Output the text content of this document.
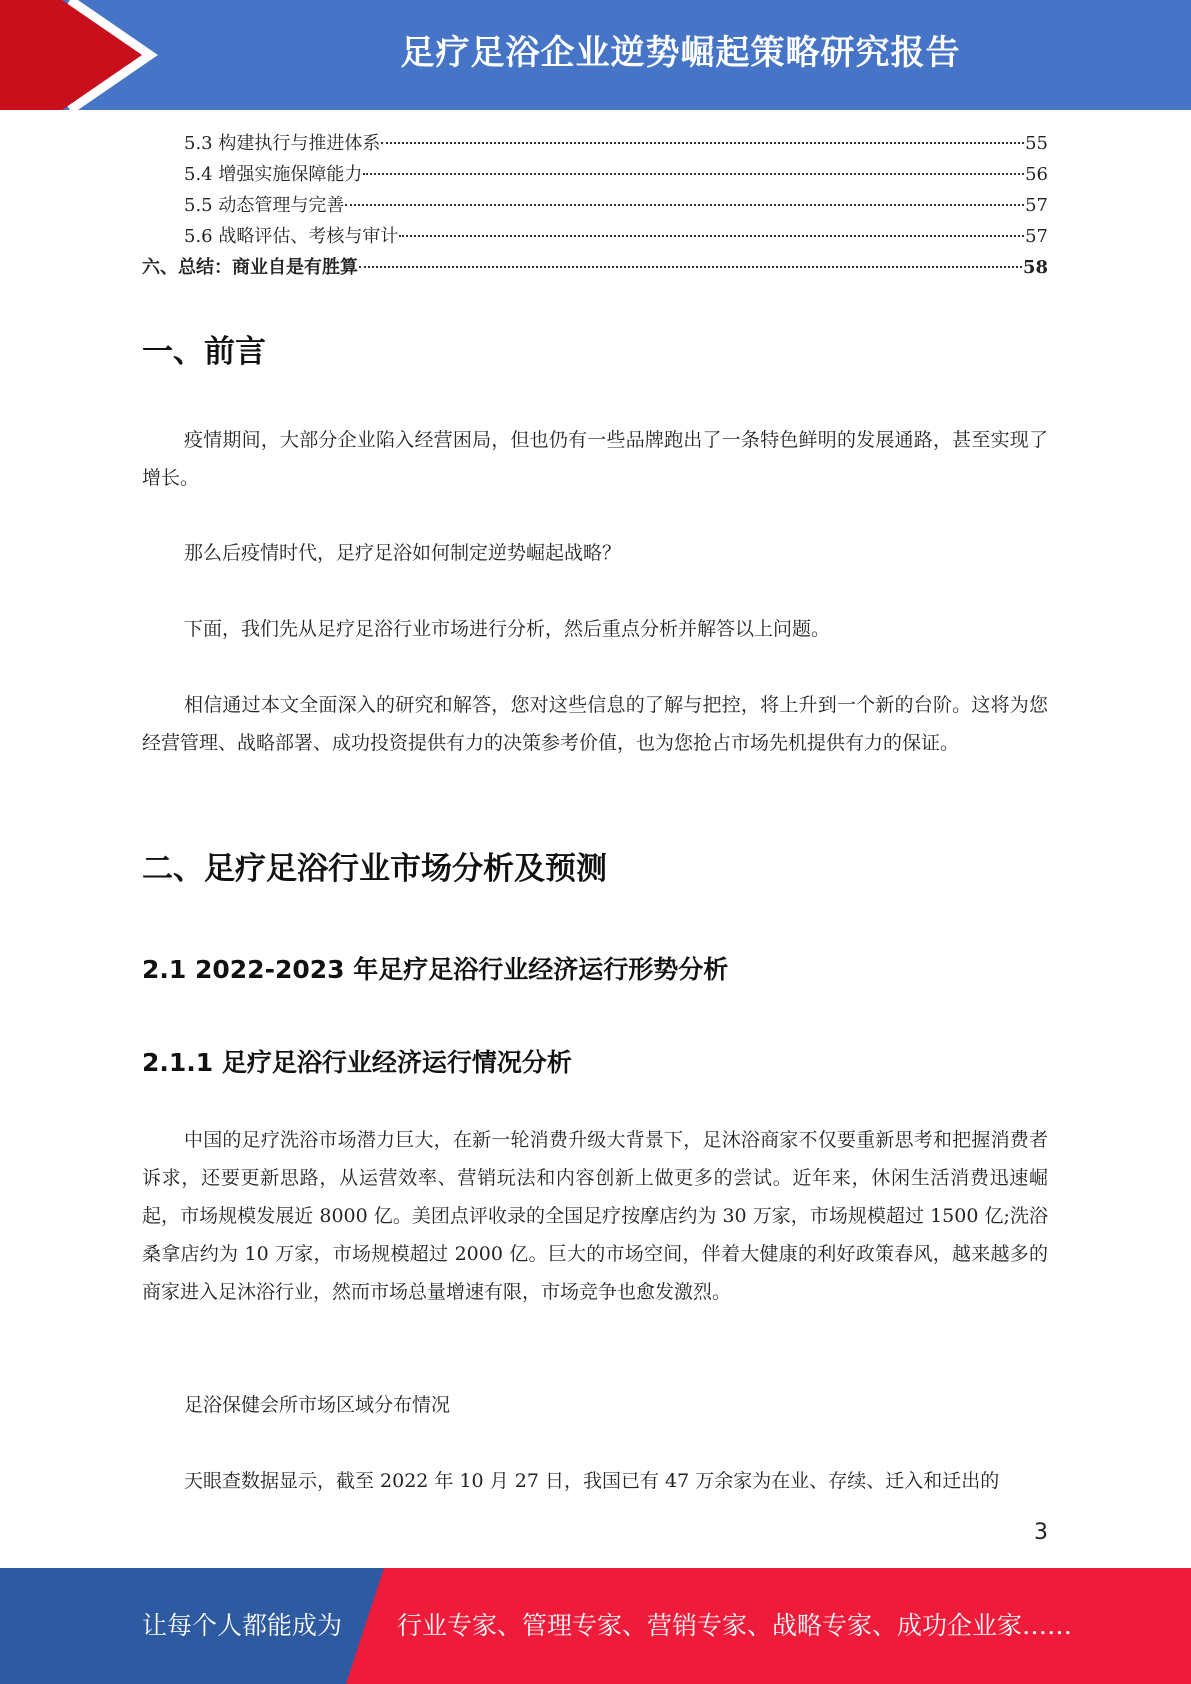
足疗足浴企业逆势崛起策略研究报告
5.3 构建执行与推进体系	55
5.4 增强实施保障能力	56
5.5 动态管理与完善	57
5.6 战略评估、考核与审计	57
六、总结：商业自是有胜算	58
一、前言

疫情期间，大部分企业陷入经营困局，但也仍有一些品牌跑出了一条特色鲜明的发展通路，甚至实现了增长。

那么后疫情时代，足疗足浴如何制定逆势崛起战略？

下面，我们先从足疗足浴行业市场进行分析，然后重点分析并解答以上问题。

相信通过本文全面深入的研究和解答，您对这些信息的了解与把控，将上升到一个新的台阶。这将为您经营管理、战略部署、成功投资提供有力的决策参考价值，也为您抢占市场先机提供有力的保证。

二、足疗足浴行业市场分析及预测
2.1 2022-2023 年足疗足浴行业经济运行形势分析
2.1.1 足疗足浴行业经济运行情况分析

中国的足疗洗浴市场潜力巨大，在新一轮消费升级大背景下，足沐浴商家不仅要重新思考和把握消费者诉求，还要更新思路，从运营效率、营销玩法和内容创新上做更多的尝试。近年来，休闲生活消费迅速崛起，市场规模发展近 8000 亿。美团点评收录的全国足疗按摩店约为 30 万家，市场规模超过 1500 亿;洗浴桑拿店约为 10 万家，市场规模超过 2000 亿。巨大的市场空间，伴着大健康的利好政策春风，越来越多的商家进入足沐浴行业，然而市场总量增速有限，市场竞争也愈发激烈。

足浴保健会所市场区域分布情况

天眼查数据显示，截至 2022 年 10 月 27 日，我国已有 47 万余家为在业、存续、迁入和迁出的

3
让每个人都能成为 行业专家、管理专家、营销专家、战略专家、成功企业家……
